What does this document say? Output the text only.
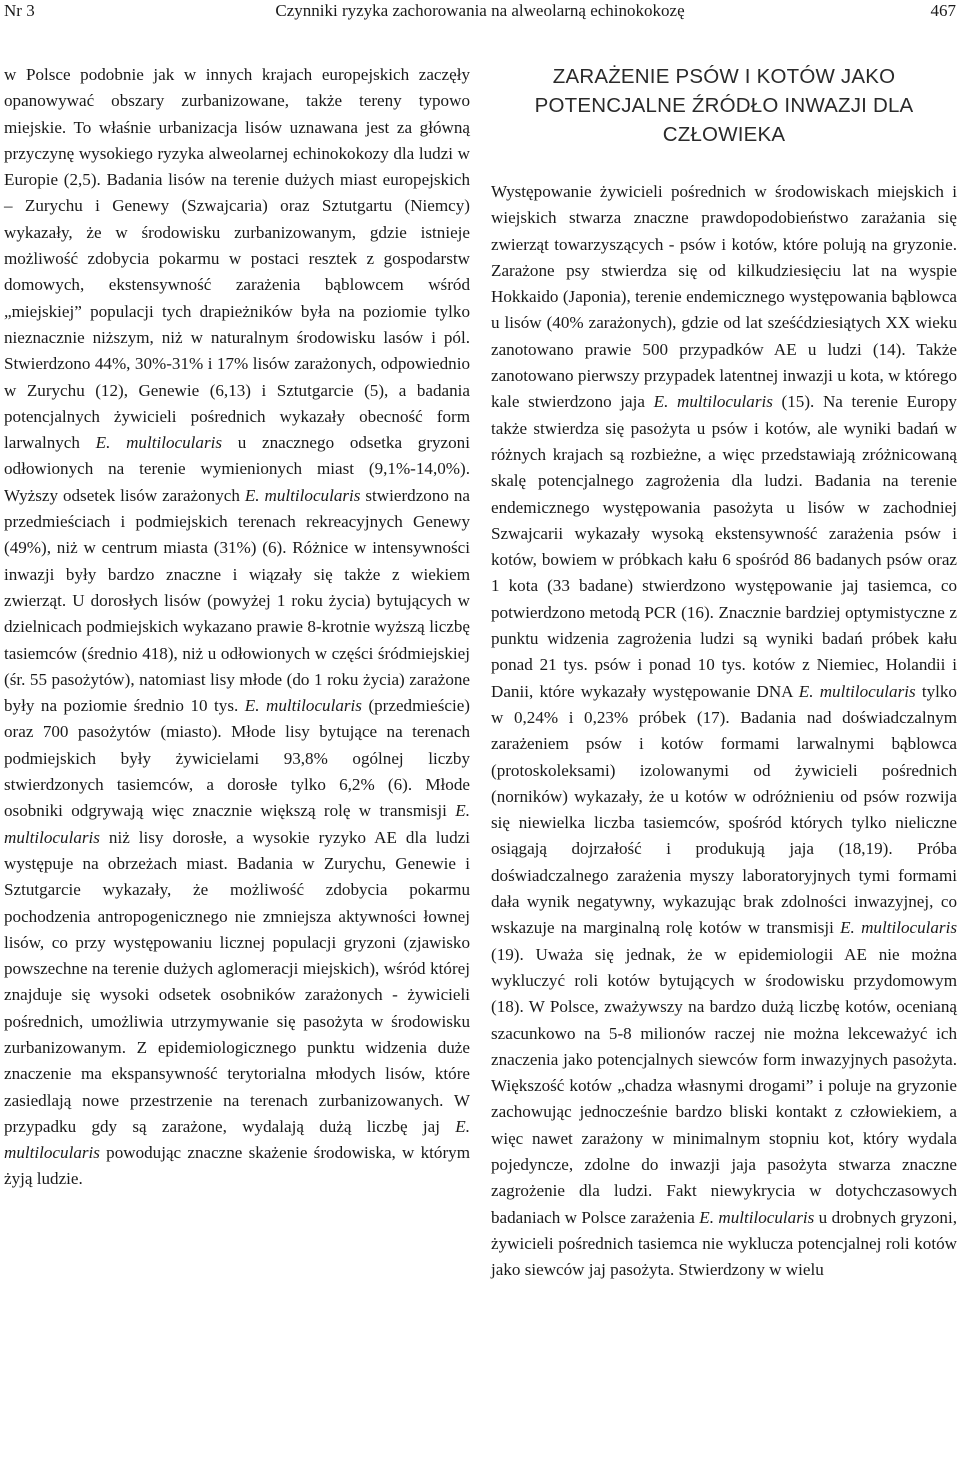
Nr 3	Czynniki ryzyka zachorowania na alweolarną echinokokozę	467

w Polsce podobnie jak w innych krajach europejskich zaczęły opanowywać obszary zurbanizowane, także tereny typowo miejskie. To właśnie urbanizacja lisów uznawana jest za główną przyczynę wysokiego ryzyka alweolarnej echinokokozy dla ludzi w Europie (2,5). Badania lisów na terenie dużych miast europejskich – Zurychu i Genewy (Szwajcaria) oraz Sztutgartu (Niemcy) wykazały, że w środowisku zurbanizowanym, gdzie istnieje możliwość zdobycia pokarmu w postaci resztek z gospodarstw domowych, ekstensywność zarażenia bąblowcem wśród „miejskiej” populacji tych drapieżników była na poziomie tylko nieznacznie niższym, niż w naturalnym środowisku lasów i pól. Stwierdzono 44%, 30%-31% i 17% lisów zarażonych, odpowiednio w Zurychu (12), Genewie (6,13) i Sztutgarcie (5), a badania potencjalnych żywicieli pośrednich wykazały obecność form larwalnych E. multilocularis u znacznego odsetka gryzoni odłowionych na terenie wymienionych miast (9,1%-14,0%). Wyższy odsetek lisów zarażonych E. multilocularis stwierdzono na przedmieściach i podmiejskich terenach rekreacyjnych Genewy (49%), niż w centrum miasta (31%) (6). Różnice w intensywności inwazji były bardzo znaczne i wiązały się także z wiekiem zwierząt. U dorosłych lisów (powyżej 1 roku życia) bytujących w dzielnicach podmiejskich wykazano prawie 8-krotnie wyższą liczbę tasiemców (średnio 418), niż u odłowionych w części śródmiejskiej (śr. 55 pasożytów), natomiast lisy młode (do 1 roku życia) zarażone były na poziomie średnio 10 tys. E. multilocularis (przedmieście) oraz 700 pasożytów (miasto). Młode lisy bytujące na terenach podmiejskich były żywicielami 93,8% ogólnej liczby stwierdzonych tasiemców, a dorosłe tylko 6,2% (6). Młode osobniki odgrywają więc znacznie większą rolę w transmisji E. multilocularis niż lisy dorosłe, a wysokie ryzyko AE dla ludzi występuje na obrzeżach miast. Badania w Zurychu, Genewie i Sztutgarcie wykazały, że możliwość zdobycia pokarmu pochodzenia antropogenicznego nie zmniejsza aktywności łownej lisów, co przy występowaniu licznej populacji gryzoni (zjawisko powszechne na terenie dużych aglomeracji miejskich), wśród której znajduje się wysoki odsetek osobników zarażonych - żywicieli pośrednich, umożliwia utrzymywanie się pasożyta w środowisku zurbanizowanym. Z epidemiologicznego punktu widzenia duże znaczenie ma ekspansywność terytorialna młodych lisów, które zasiedlają nowe przestrzenie na terenach zurbanizowanych. W przypadku gdy są zarażone, wydalają dużą liczbę jaj E. multilocularis powodując znaczne skażenie środowiska, w którym żyją ludzie.

ZARAŻENIE PSÓW I KOTÓW JAKO POTENCJALNE ŹRÓDŁO INWAZJI DLA CZŁOWIEKA

Występowanie żywicieli pośrednich w środowiskach miejskich i wiejskich stwarza znaczne prawdopodobieństwo zarażania się zwierząt towarzyszących - psów i kotów, które polują na gryzonie. Zarażone psy stwierdza się od kilkudziesięciu lat na wyspie Hokkaido (Japonia), terenie endemicznego występowania bąblowca u lisów (40% zarażonych), gdzie od lat sześćdziesiątych XX wieku zanotowano prawie 500 przypadków AE u ludzi (14). Także zanotowano pierwszy przypadek latentnej inwazji u kota, w którego kale stwierdzono jaja E. multilocularis (15). Na terenie Europy także stwierdza się pasożyta u psów i kotów, ale wyniki badań w różnych krajach są rozbieżne, a więc przedstawiają zróżnicowaną skalę potencjalnego zagrożenia dla ludzi. Badania na terenie endemicznego występowania pasożyta u lisów w zachodniej Szwajcarii wykazały wysoką ekstensywność zarażenia psów i kotów, bowiem w próbkach kału 6 spośród 86 badanych psów oraz 1 kota (33 badane) stwierdzono występowanie jaj tasiemca, co potwierdzono metodą PCR (16). Znacznie bardziej optymistyczne z punktu widzenia zagrożenia ludzi są wyniki badań próbek kału ponad 21 tys. psów i ponad 10 tys. kotów z Niemiec, Holandii i Danii, które wykazały występowanie DNA E. multilocularis tylko w 0,24% i 0,23% próbek (17). Badania nad doświadczalnym zarażeniem psów i kotów formami larwalnymi bąblowca (protoskoleksami) izolowanymi od żywicieli pośrednich (norników) wykazały, że u kotów w odróżnieniu od psów rozwija się niewielka liczba tasiemców, spośród których tylko nieliczne osiągają dojrzałość i produkują jaja (18,19). Próba doświadczalnego zarażenia myszy laboratoryjnych tymi formami dała wynik negatywny, wykazując brak zdolności inwazyjnej, co wskazuje na marginalną rolę kotów w transmisji E. multilocularis (19). Uważa się jednak, że w epidemiologii AE nie można wykluczyć roli kotów bytujących w środowisku przydomowym (18). W Polsce, zważywszy na bardzo dużą liczbę kotów, ocenianą szacunkowo na 5-8 milionów raczej nie można lekceważyć ich znaczenia jako potencjalnych siewców form inwazyjnych pasożyta. Większość kotów „chadza własnymi drogami” i poluje na gryzonie zachowując jednocześnie bardzo bliski kontakt z człowiekiem, a więc nawet zarażony w minimalnym stopniu kot, który wydala pojedyncze, zdolne do inwazji jaja pasożyta stwarza znaczne zagrożenie dla ludzi. Fakt niewykrycia w dotychczasowych badaniach w Polsce zarażenia E. multilocularis u drobnych gryzoni, żywicieli pośrednich tasiemca nie wyklucza potencjalnej roli kotów jako siewców jaj pasożyta. Stwierdzony w wielu
